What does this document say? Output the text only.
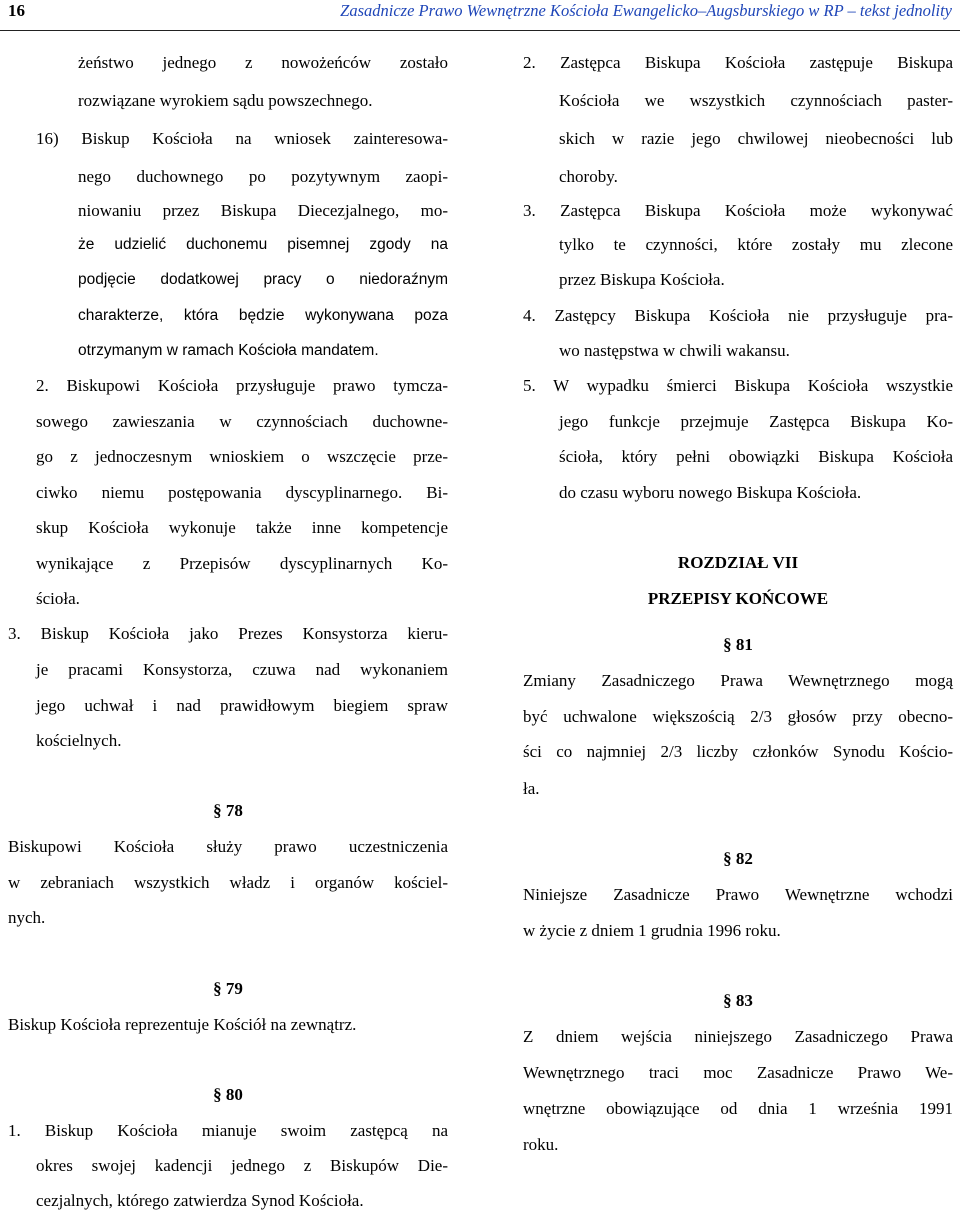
16	Zasadnicze Prawo Wewnętrzne Kościoła Ewangelicko–Augsburskiego w RP – tekst jednolity
żeństwo jednego z nowożeńców zostało
rozwiązane wyrokiem sądu powszechnego.
16) Biskup Kościoła na wniosek zainteresowa-
nego duchownego po pozytywnym zaopi-
niowaniu przez Biskupa Diecezjalnego, mo-
że udzielić duchonemu pisemnej zgody na
podjęcie dodatkowej pracy o niedoraźnym
charakterze, która będzie wykonywana poza
otrzymanym w ramach Kościoła mandatem.
2. Biskupowi Kościoła przysługuje prawo tymcza-
sowego zawieszania w czynnościach duchowne-
go z jednoczesnym wnioskiem o wszczęcie prze-
ciwko niemu postępowania dyscyplinarnego. Bi-
skup Kościoła wykonuje także inne kompetencje
wynikające z Przepisów dyscyplinarnych Ko-
ścioła.
3. Biskup Kościoła jako Prezes Konsystorza kieru-
je pracami Konsystorza, czuwa nad wykonaniem
jego uchwał i nad prawidłowym biegiem spraw
kościelnych.
§ 78
Biskupowi Kościoła służy prawo uczestniczenia
w zebraniach wszystkich władz i organów kościel-
nych.
§ 79
Biskup Kościoła reprezentuje Kościół na zewnątrz.
§ 80
1. Biskup Kościoła mianuje swoim zastępcą na
okres swojej kadencji jednego z Biskupów Die-
cezjalnych, którego zatwierdza Synod Kościoła.
2. Zastępca Biskupa Kościoła zastępuje Biskupa
Kościoła we wszystkich czynnościach paster-
skich w razie jego chwilowej nieobecności lub
choroby.
3. Zastępca Biskupa Kościoła może wykonywać
tylko te czynności, które zostały mu zlecone
przez Biskupa Kościoła.
4. Zastępcy Biskupa Kościoła nie przysługuje pra-
wo następstwa w chwili wakansu.
5. W wypadku śmierci Biskupa Kościoła wszystkie
jego funkcje przejmuje Zastępca Biskupa Ko-
ścioła, który pełni obowiązki Biskupa Kościoła
do czasu wyboru nowego Biskupa Kościoła.
ROZDZIAŁ VII
PRZEPISY KOŃCOWE
§ 81
Zmiany Zasadniczego Prawa Wewnętrznego mogą
być uchwalone większością 2/3 głosów przy obecno-
ści co najmniej 2/3 liczby członków Synodu Kościo-
ła.
§ 82
Niniejsze Zasadnicze Prawo Wewnętrzne wchodzi
w życie z dniem 1 grudnia 1996 roku.
§ 83
Z dniem wejścia niniejszego Zasadniczego Prawa
Wewnętrznego traci moc Zasadnicze Prawo We-
wnętrzne obowiązujące od dnia 1 września 1991
roku.
